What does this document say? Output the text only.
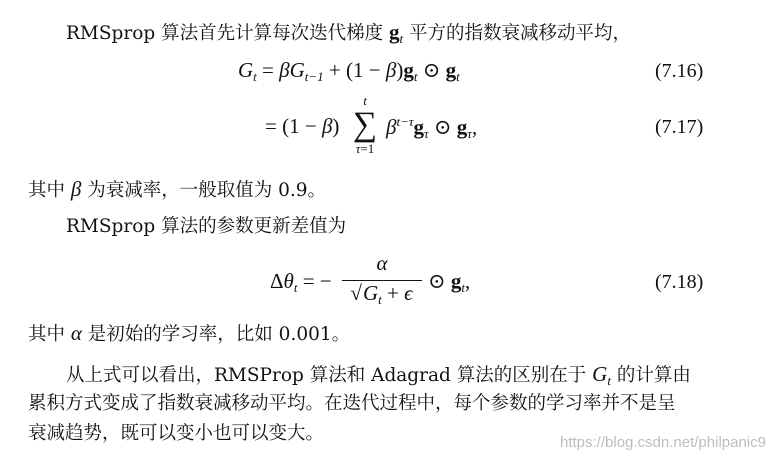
RMSprop 算法首先计算每次迭代梯度 $g_t$ 平方的指数衰减移动平均，
$G_t = \beta G_{t-1} + (1 - \beta)g_t$ ⊙ $g_t$	(7.16)
= (1 − β)
t
∑
τ=1
$\beta^{t-\tau}g_\tau$ ⊙ $g_\tau$,	(7.17)
其中 β 为衰减率，一般取值为 0.9。
RMSprop 算法的参数更新差值为
$\Delta\theta_t$ = −
α
$√G_t + \epsilon$ ⊙ $g_t$,	(7.18)
其中 α 是初始的学习率，比如 0.001。
从上式可以看出，RMSProp 算法和 Adagrad 算法的区别在于 $G_t$ 的计算由
累积方式变成了指数衰减移动平均。在迭代过程中，每个参数的学习率并不是呈
衰减趋势，既可以变小也可以变大。	https://blog.csdn.net/philpanic9
